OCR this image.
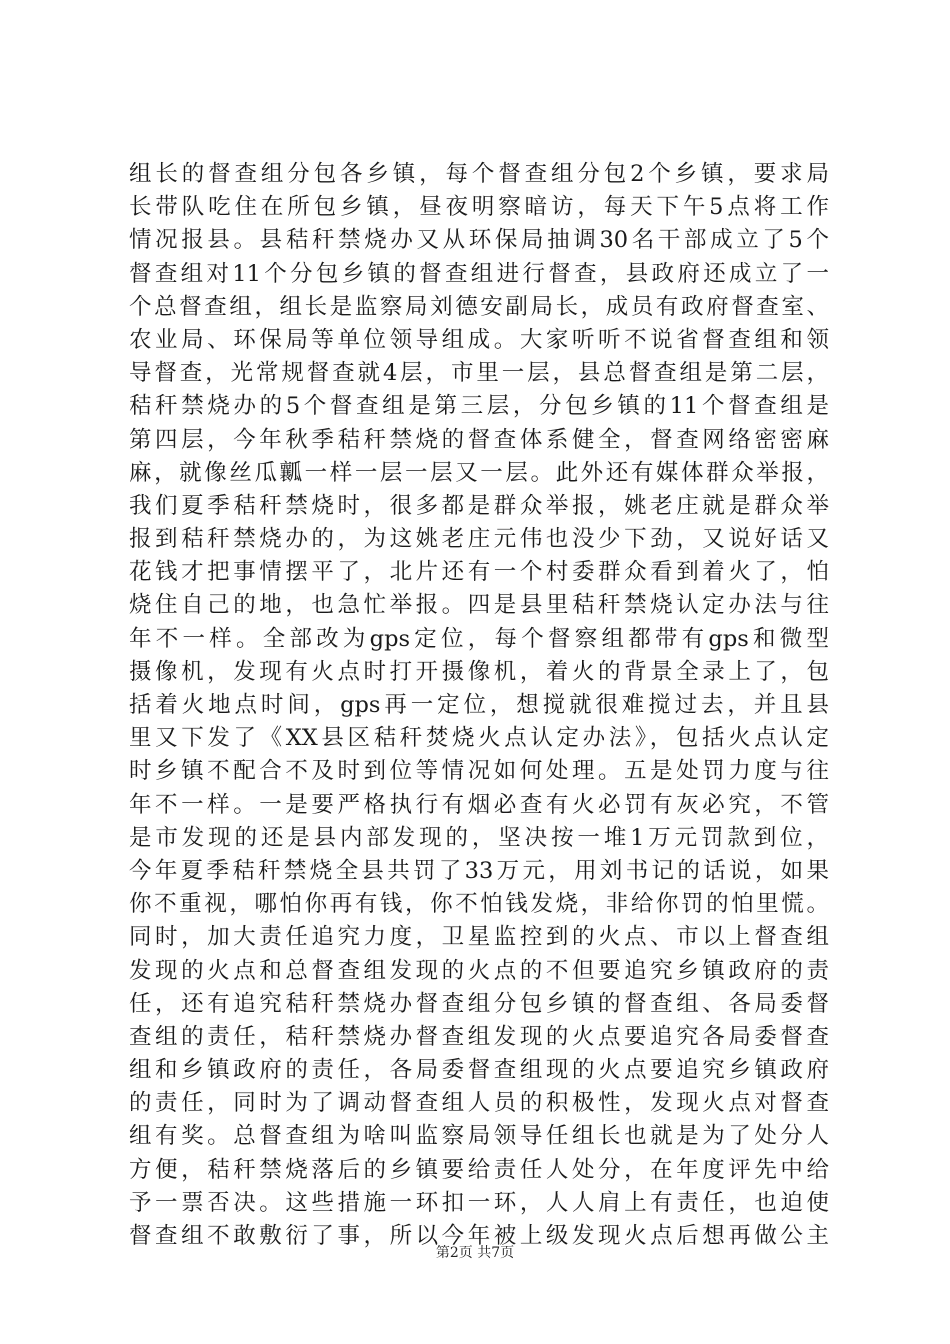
组长的督查组分包各乡镇，每个督查组分包2个乡镇，要求局
长带队吃住在所包乡镇，昼夜明察暗访，每天下午5点将工作
情况报县。县秸秆禁烧办又从环保局抽调30名干部成立了5个
督查组对11个分包乡镇的督查组进行督查，县政府还成立了一
个总督查组，组长是监察局刘德安副局长，成员有政府督查室、
农业局、环保局等单位领导组成。大家听听不说省督查组和领
导督查，光常规督查就4层，市里一层，县总督查组是第二层，
秸秆禁烧办的5个督查组是第三层，分包乡镇的11个督查组是
第四层，今年秋季秸秆禁烧的督查体系健全，督查网络密密麻
麻，就像丝瓜瓤一样一层一层又一层。此外还有媒体群众举报，
我们夏季秸秆禁烧时，很多都是群众举报，姚老庄就是群众举
报到秸秆禁烧办的，为这姚老庄元伟也没少下劲，又说好话又
花钱才把事情摆平了，北片还有一个村委群众看到着火了，怕
烧住自己的地，也急忙举报。四是县里秸秆禁烧认定办法与往
年不一样。全部改为gps定位，每个督察组都带有gps和微型
摄像机，发现有火点时打开摄像机，着火的背景全录上了，包
括着火地点时间，gps再一定位，想搅就很难搅过去，并且县
里又下发了《XX县区秸秆焚烧火点认定办法》，包括火点认定
时乡镇不配合不及时到位等情况如何处理。五是处罚力度与往
年不一样。一是要严格执行有烟必查有火必罚有灰必究，不管
是市发现的还是县内部发现的，坚决按一堆1万元罚款到位，
今年夏季秸秆禁烧全县共罚了33万元，用刘书记的话说，如果
你不重视，哪怕你再有钱，你不怕钱发烧，非给你罚的怕里慌。
同时，加大责任追究力度，卫星监控到的火点、市以上督查组
发现的火点和总督查组发现的火点的不但要追究乡镇政府的责
任，还有追究秸秆禁烧办督查组分包乡镇的督查组、各局委督
查组的责任，秸秆禁烧办督查组发现的火点要追究各局委督查
组和乡镇政府的责任，各局委督查组现的火点要追究乡镇政府
的责任，同时为了调动督查组人员的积极性，发现火点对督查
组有奖。总督查组为啥叫监察局领导任组长也就是为了处分人
方便，秸秆禁烧落后的乡镇要给责任人处分，在年度评先中给
予一票否决。这些措施一环扣一环，人人肩上有责任，也迫使
督查组不敢敷衍了事，所以今年被上级发现火点后想再做公主
第2页 共7页
